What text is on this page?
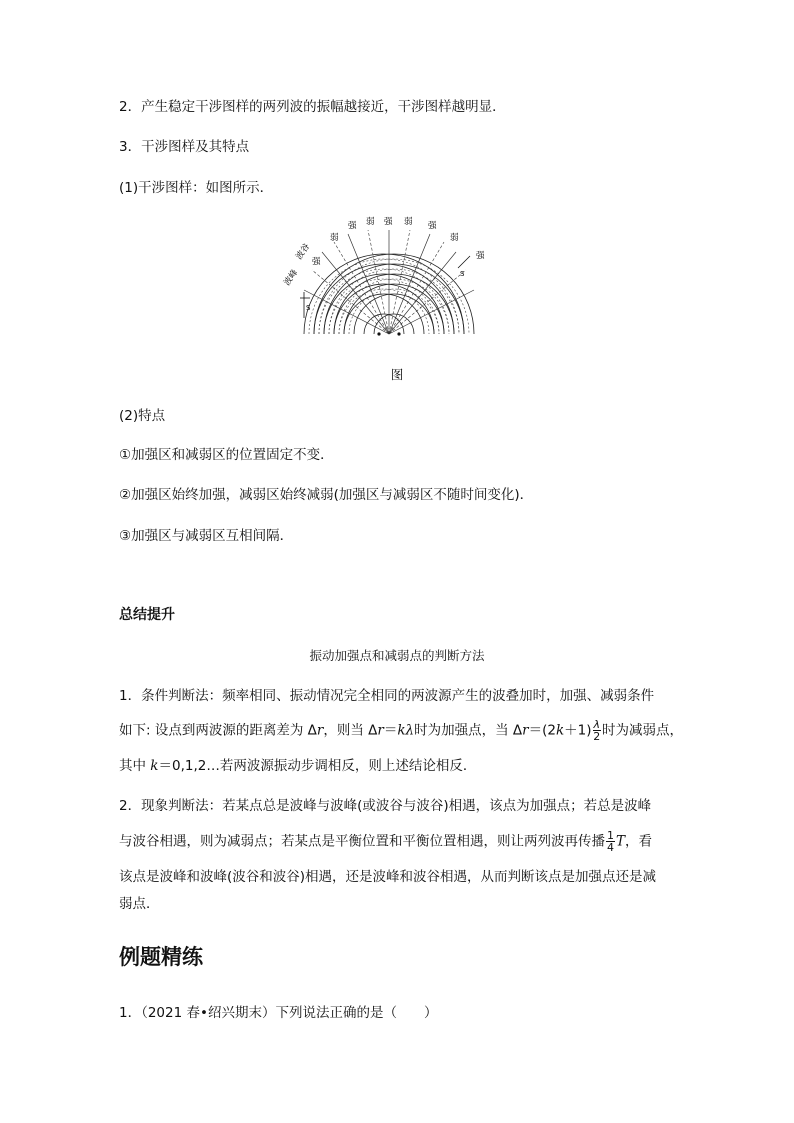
2．产生稳定干涉图样的两列波的振幅越接近，干涉图样越明显．
3．干涉图样及其特点
(1)干涉图样：如图所示．
波峰
波谷
强
弱
强 弱 强 弱 强
弱
强
S
S
图
(2)特点
①加强区和减弱区的位置固定不变．
②加强区始终加强，减弱区始终减弱(加强区与减弱区不随时间变化)．
③加强区与减弱区互相间隔．
总结提升
振动加强点和减弱点的判断方法
1．条件判断法：频率相同、振动情况完全相同的两波源产生的波叠加时，加强、减弱条件
如下: 设点到两波源的距离差为 Δr，则当 Δr＝kλ时为加强点，当 $\Delta r=(2k+1) \frac{\lambda}{2}$ 时为减弱点，
其中 k＝0,1,2…若两波源振动步调相反，则上述结论相反．
2．现象判断法：若某点总是波峰与波峰(或波谷与波谷)相遇，该点为加强点；若总是波峰
与波谷相遇，则为减弱点；若某点是平衡位置和平衡位置相遇，则让两列波再传播 $\frac{1}{4}$ T，看
该点是波峰和波峰(波谷和波谷)相遇，还是波峰和波谷相遇，从而判断该点是加强点还是减
弱点．
例题精练
1．（2021 春•绍兴期末）下列说法正确的是（　　）
